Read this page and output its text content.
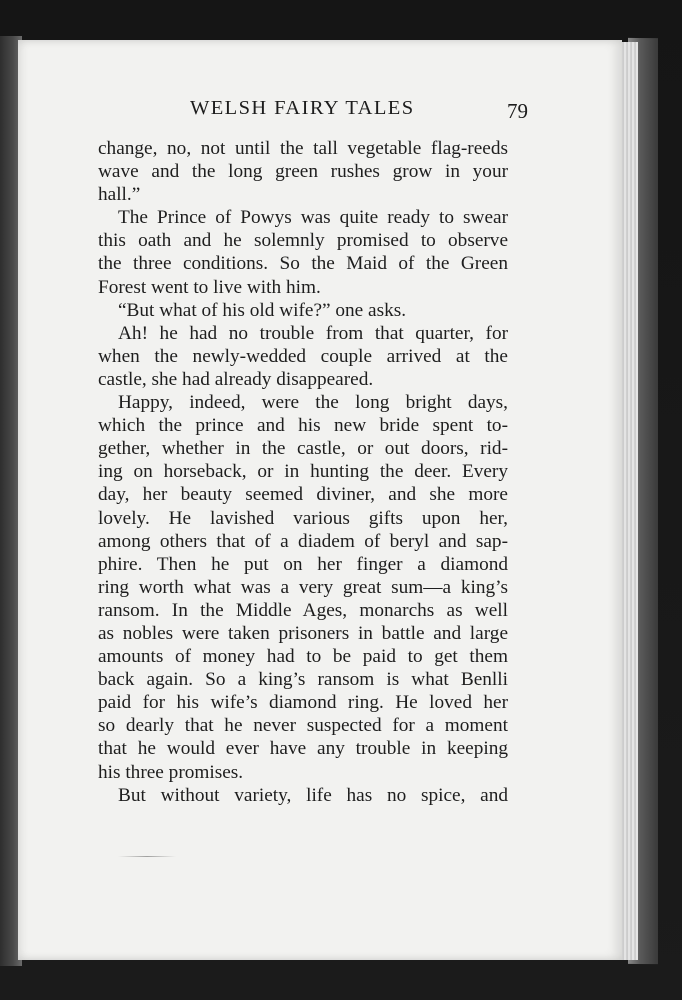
WELSH FAIRY TALES	79
change, no, not until the tall vegetable flag-reeds
wave and the long green rushes grow in your
hall.”
The Prince of Powys was quite ready to swear
this oath and he solemnly promised to observe
the three conditions. So the Maid of the Green
Forest went to live with him.
“But what of his old wife?” one asks.
Ah! he had no trouble from that quarter, for
when the newly-wedded couple arrived at the
castle, she had already disappeared.
Happy, indeed, were the long bright days,
which the prince and his new bride spent to-
gether, whether in the castle, or out doors, rid-
ing on horseback, or in hunting the deer. Every
day, her beauty seemed diviner, and she more
lovely. He lavished various gifts upon her,
among others that of a diadem of beryl and sap-
phire. Then he put on her finger a diamond
ring worth what was a very great sum—a king’s
ransom. In the Middle Ages, monarchs as well
as nobles were taken prisoners in battle and large
amounts of money had to be paid to get them
back again. So a king’s ransom is what Benlli
paid for his wife’s diamond ring. He loved her
so dearly that he never suspected for a moment
that he would ever have any trouble in keeping
his three promises.
But without variety, life has no spice, and
